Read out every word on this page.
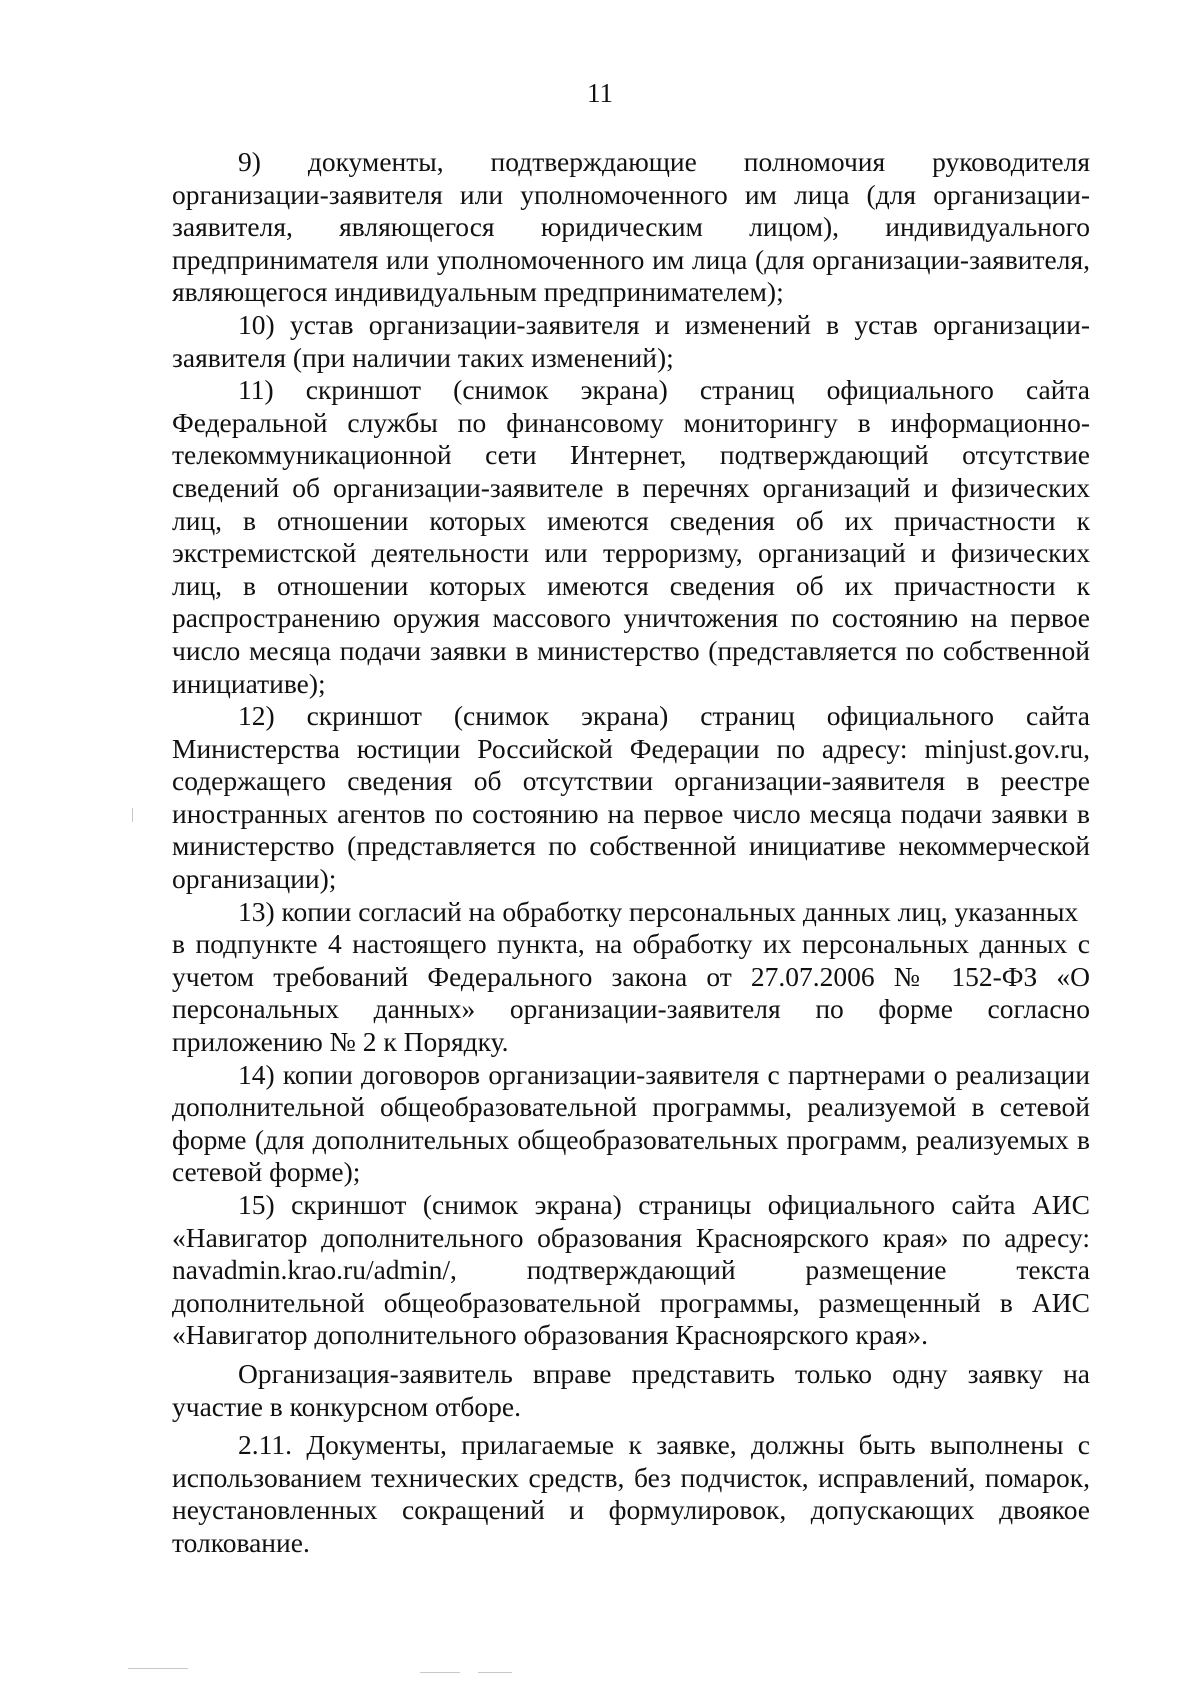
11

9) документы, подтверждающие полномочия руководителя организации-заявителя или уполномоченного им лица (для организации-заявителя, являющегося юридическим лицом), индивидуального предпринимателя или уполномоченного им лица (для организации-заявителя, являющегося индивидуальным предпринимателем);

10) устав организации-заявителя и изменений в устав организации-заявителя (при наличии таких изменений);

11) скриншот (снимок экрана) страниц официального сайта Федеральной службы по финансовому мониторингу в информационно-телекоммуникационной сети Интернет, подтверждающий отсутствие сведений об организации-заявителе в перечнях организаций и физических лиц, в отношении которых имеются сведения об их причастности к экстремистской деятельности или терроризму, организаций и физических лиц, в отношении которых имеются сведения об их причастности к распространению оружия массового уничтожения по состоянию на первое число месяца подачи заявки в министерство (представляется по собственной инициативе);

12) скриншот (снимок экрана) страниц официального сайта Министерства юстиции Российской Федерации по адресу: minjust.gov.ru, содержащего сведения об отсутствии организации-заявителя в реестре иностранных агентов по состоянию на первое число месяца подачи заявки в министерство (представляется по собственной инициативе некоммерческой организации);

13) копии согласий на обработку персональных данных лиц, указанных

в подпункте 4 настоящего пункта, на обработку их персональных данных с учетом требований Федерального закона от 27.07.2006 № 152-ФЗ «О персональных данных» организации-заявителя по форме согласно приложению № 2 к Порядку.

14) копии договоров организации-заявителя с партнерами о реализации дополнительной общеобразовательной программы, реализуемой в сетевой форме (для дополнительных общеобразовательных программ, реализуемых в сетевой форме);

15) скриншот (снимок экрана) страницы официального сайта АИС «Навигатор дополнительного образования Красноярского края» по адресу: navadmin.krao.ru/admin/, подтверждающий размещение текста дополнительной общеобразовательной программы, размещенный в АИС «Навигатор дополнительного образования Красноярского края».

Организация-заявитель вправе представить только одну заявку на участие в конкурсном отборе.

2.11. Документы, прилагаемые к заявке, должны быть выполнены с использованием технических средств, без подчисток, исправлений, помарок, неустановленных сокращений и формулировок, допускающих двоякое толкование.
